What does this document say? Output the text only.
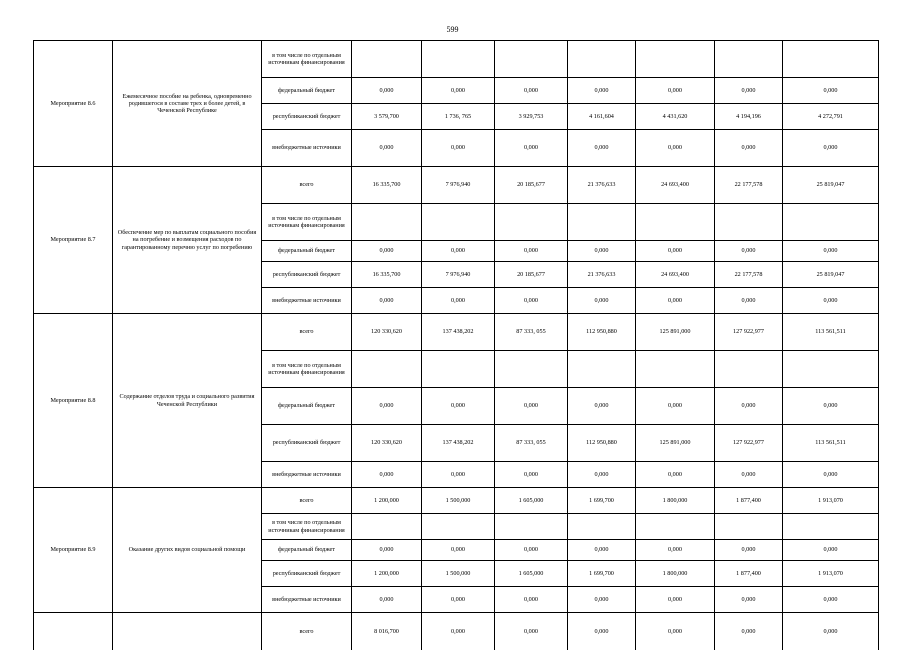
599
Мероприятие 8.6	Ежемесячное пособие на ребенка, одновременно родившегося в составе трех и более детей, в Чеченской Республике	в том числе по отдельным источникам финансирования							
		федеральный бюджет	0,000	0,000	0,000	0,000	0,000	0,000	0,000
		республиканский бюджет	3 579,700	1 736, 765	3 929,753	4 161,604	4 431,620	4 194,196	4 272,791
		внебюджетные источники	0,000	0,000	0,000	0,000	0,000	0,000	0,000
Мероприятие 8.7	Обеспечение мер по выплатам социального пособия на погребение и возмещения расходов по гарантированному перечню услуг по погребению	всего	16 335,700	7 976,940	20 185,677	21 376,633	24 693,400	22 177,578	25 819,047
		в том числе по отдельным источникам финансирования							
		федеральный бюджет	0,000	0,000	0,000	0,000	0,000	0,000	0,000
		республиканский бюджет	16 335,700	7 976,940	20 185,677	21 376,633	24 693,400	22 177,578	25 819,047
		внебюджетные источники	0,000	0,000	0,000	0,000	0,000	0,000	0,000
Мероприятие 8.8	Содержание отделов труда и социального развития Чеченской Республики	всего	120 330,620	137 438,202	87 333, 055	112 950,880	125 891,000	127 922,977	113 561,511
		в том числе по отдельным источникам финансирования							
		федеральный бюджет	0,000	0,000	0,000	0,000	0,000	0,000	0,000
		республиканский бюджет	120 330,620	137 438,202	87 333, 055	112 950,880	125 891,000	127 922,977	113 561,511
		внебюджетные источники	0,000	0,000	0,000	0,000	0,000	0,000	0,000
Мероприятие 8.9	Оказание других видов социальной помощи	всего	1 200,000	1 500,000	1 605,000	1 699,700	1 800,000	1 877,400	1 913,070
		в том числе по отдельным источникам финансирования							
		федеральный бюджет	0,000	0,000	0,000	0,000	0,000	0,000	0,000
		республиканский бюджет	1 200,000	1 500,000	1 605,000	1 699,700	1 800,000	1 877,400	1 913,070
		внебюджетные источники	0,000	0,000	0,000	0,000	0,000	0,000	0,000
		всего	8 016,700	0,000	0,000	0,000	0,000	0,000	0,000
